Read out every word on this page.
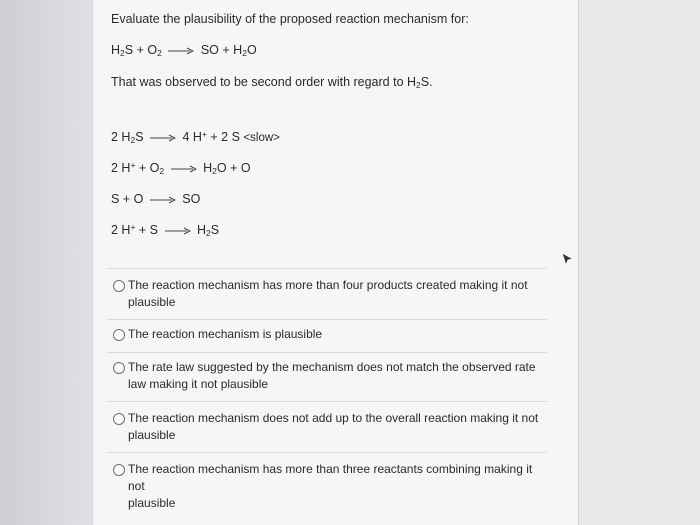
Evaluate the plausibility of the proposed reaction mechanism for:
$H_2S + O_2$ → SO + $H_2O$
That was observed to be second order with regard to $H_2S$.
2 $H_2S \to 4$ H+ + 2 S <slow>
2 $H^+ + O_2 \to H_2O + O$
S + O → SO
2 $H^+ + S \to H_2S$
The reaction mechanism has more than four products created making it not
plausible
The reaction mechanism is plausible
The rate law suggested by the mechanism does not match the observed rate
law making it not plausible
The reaction mechanism does not add up to the overall reaction making it not
plausible
The reaction mechanism has more than three reactants combining making it not
plausible
